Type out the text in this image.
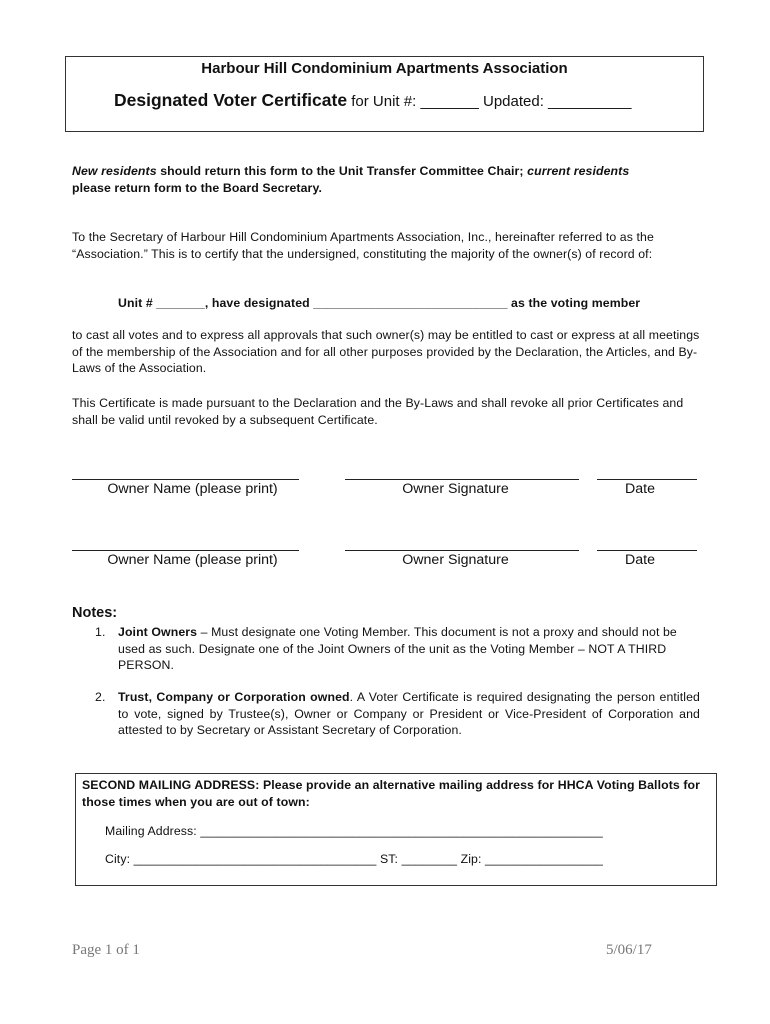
Harbour Hill Condominium Apartments Association
Designated Voter Certificate for Unit #: _______ Updated: __________
New residents should return this form to the Unit Transfer Committee Chair; current residents
please return form to the Board Secretary.
To the Secretary of Harbour Hill Condominium Apartments Association, Inc., hereinafter referred to as the “Association.” This is to certify that the undersigned, constituting the majority of the owner(s) of record of:
Unit # _______, have designated ____________________________ as the voting member
to cast all votes and to express all approvals that such owner(s) may be entitled to cast or express at all meetings of the membership of the Association and for all other purposes provided by the Declaration, the Articles, and By-Laws of the Association.
This Certificate is made pursuant to the Declaration and the By-Laws and shall revoke all prior Certificates and shall be valid until revoked by a subsequent Certificate.
Owner Name (please print)	Owner Signature	Date
Owner Name (please print)	Owner Signature	Date
Notes:
1. Joint Owners – Must designate one Voting Member. This document is not a proxy and should not be used as such. Designate one of the Joint Owners of the unit as the Voting Member – NOT A THIRD PERSON.
2. Trust, Company or Corporation owned. A Voter Certificate is required designating the person entitled to vote, signed by Trustee(s), Owner or Company or President or Vice-President of Corporation and attested to by Secretary or Assistant Secretary of Corporation.
SECOND MAILING ADDRESS: Please provide an alternative mailing address for HHCA Voting Ballots for those times when you are out of town:
Mailing Address: __________________________________________________________
City: ___________________________________ ST: ________ Zip: _________________
Page 1 of 1	5/06/17
